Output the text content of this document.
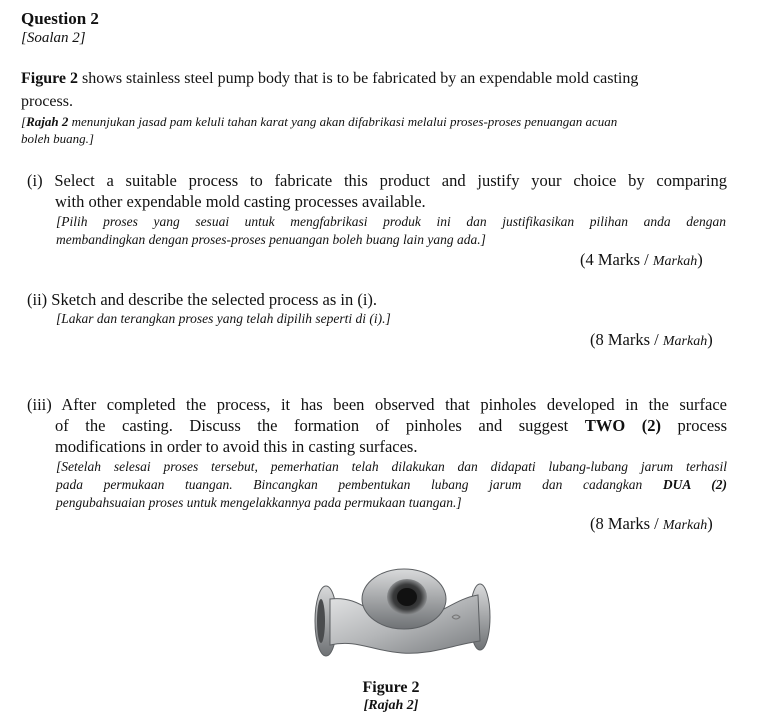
Question 2
[Soalan 2]
Figure 2 shows stainless steel pump body that is to be fabricated by an expendable mold casting
process.
[Rajah 2 menunjukan jasad pam keluli tahan karat yang akan difabrikasi melalui proses-proses penuangan acuan
boleh buang.]
(i) Select a suitable process to fabricate this product and justify your choice by comparing
with other expendable mold casting processes available.
[Pilih proses yang sesuai untuk mengfabrikasi produk ini dan justifikasikan pilihan anda dengan
membandingkan dengan proses-proses penuangan boleh buang lain yang ada.]
(4 Marks / Markah)
(ii) Sketch and describe the selected process as in (i).
[Lakar dan terangkan proses yang telah dipilih seperti di (i).]
(8 Marks / Markah)
(iii) After completed the process, it has been observed that pinholes developed in the surface
of the casting. Discuss the formation of pinholes and suggest TWO (2) process
modifications in order to avoid this in casting surfaces.
[Setelah selesai proses tersebut, pemerhatian telah dilakukan dan didapati lubang-lubang jarum terhasil
pada permukaan tuangan. Bincangkan pembentukan lubang jarum dan cadangkan DUA (2)
pengubahsuaian proses untuk mengelakkannya pada permukaan tuangan.]
(8 Marks / Markah)
Figure 2
[Rajah 2]
